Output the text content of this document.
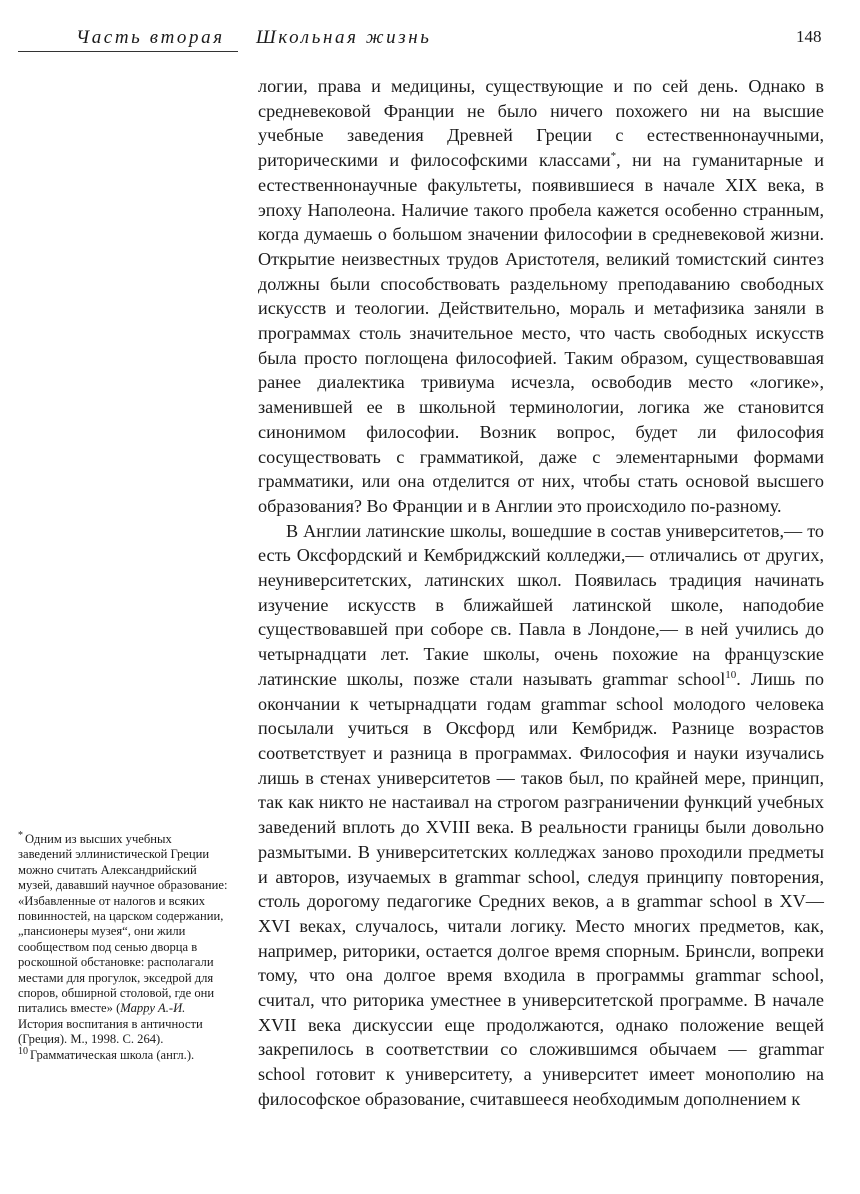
Часть вторая Школьная жизнь	148

логии, права и медицины, существующие и по сей день. Однако в средневековой Франции не было ничего похожего ни на высшие учебные заведения Древней Греции с естественнонаучными, риторическими и философскими классами*, ни на гуманитарные и естественнонаучные факультеты, появившиеся в начале XIX века, в эпоху Наполеона. Наличие такого пробела кажется особенно странным, когда думаешь о большом значении философии в средневековой жизни. Открытие неизвестных трудов Аристотеля, великий томистский синтез должны были способствовать раздельному преподаванию свободных искусств и теологии. Действительно, мораль и метафизика заняли в программах столь значительное место, что часть свободных искусств была просто поглощена философией. Таким образом, существовавшая ранее диалектика тривиума исчезла, освободив место «логике», заменившей ее в школьной терминологии, логика же становится синонимом философии. Возник вопрос, будет ли философия сосуществовать с грамматикой, даже с элементарными формами грамматики, или она отделится от них, чтобы стать основой высшего образования? Во Франции и в Англии это происходило по-разному.

В Англии латинские школы, вошедшие в состав университетов,— то есть Оксфордский и Кембриджский колледжи,— отличались от других, неуниверситетских, латинских школ. Появилась традиция начинать изучение искусств в ближайшей латинской школе, наподобие существовавшей при соборе св. Павла в Лондоне,— в ней учились до четырнадцати лет. Такие школы, очень похожие на французские латинские школы, позже стали называть grammar school$^{10}$. Лишь по окончании к четырнадцати годам grammar school молодого человека посылали учиться в Оксфорд или Кембридж. Разнице возрастов соответствует и разница в программах. Философия и науки изучались лишь в стенах университетов — таков был, по крайней мере, принцип, так как никто не настаивал на строгом разграничении функций учебных заведений вплоть до XVIII века. В реальности границы были довольно размытыми. В университетских колледжах заново проходили предметы и авторов, изучаемых в grammar school, следуя принципу повторения, столь дорогому педагогике Средних веков, а в grammar school в XV—XVI веках, случалось, читали логику. Место многих предметов, как, например, риторики, остается долгое время спорным. Бринсли, вопреки тому, что она долгое время входила в программы grammar school, считал, что риторика уместнее в университетской программе. В начале XVII века дискуссии еще продолжаются, однако положение вещей закрепилось в соответствии со сложившимся обычаем — grammar school готовит к университету, а университет имеет монополию на философское образование, считавшееся необходимым дополнением к

* Одним из высших учебных заведений эллинистической Греции можно считать Александрийский музей, дававший научное образование: «Избавленные от налогов и всяких повинностей, на царском содержании, „пансионеры музея“, они жили сообществом под сенью дворца в роскошной обстановке: располагали местами для прогулок, экседрой для споров, обширной столовой, где они питались вместе» (Марру А.-И. История воспитания в античности (Греция). М., 1998. С. 264).

$^{10}$ Грамматическая школа (англ.).
